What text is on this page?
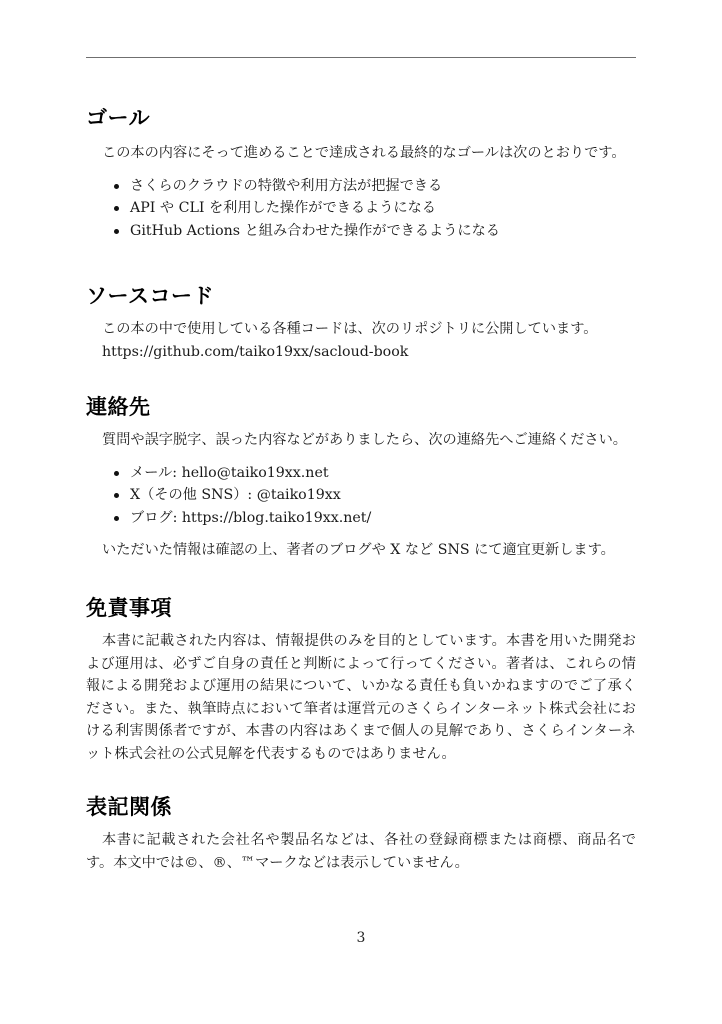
ゴール

この本の内容にそって進めることで達成される最終的なゴールは次のとおりです。

さくらのクラウドの特徴や利用方法が把握できる
API や CLI を利用した操作ができるようになる
GitHub Actions と組み合わせた操作ができるようになる
ソースコード

この本の中で使用している各種コードは、次のリポジトリに公開しています。

https://github.com/taiko19xx/sacloud-book

連絡先

質問や誤字脱字、誤った内容などがありましたら、次の連絡先へご連絡ください。

メール: hello@taiko19xx.net
X（その他 SNS）: @taiko19xx
ブログ: https://blog.taiko19xx.net/

いただいた情報は確認の上、著者のブログや X など SNS にて適宜更新します。

免責事項

本書に記載された内容は、情報提供のみを目的としています。本書を用いた開発および運用は、必ずご自身の責任と判断によって行ってください。著者は、これらの情報による開発および運用の結果について、いかなる責任も負いかねますのでご了承ください。また、執筆時点において筆者は運営元のさくらインターネット株式会社における利害関係者ですが、本書の内容はあくまで個人の見解であり、さくらインターネット株式会社の公式見解を代表するものではありません。

表記関係

本書に記載された会社名や製品名などは、各社の登録商標または商標、商品名です。本文中では©、®、™マークなどは表示していません。

3
